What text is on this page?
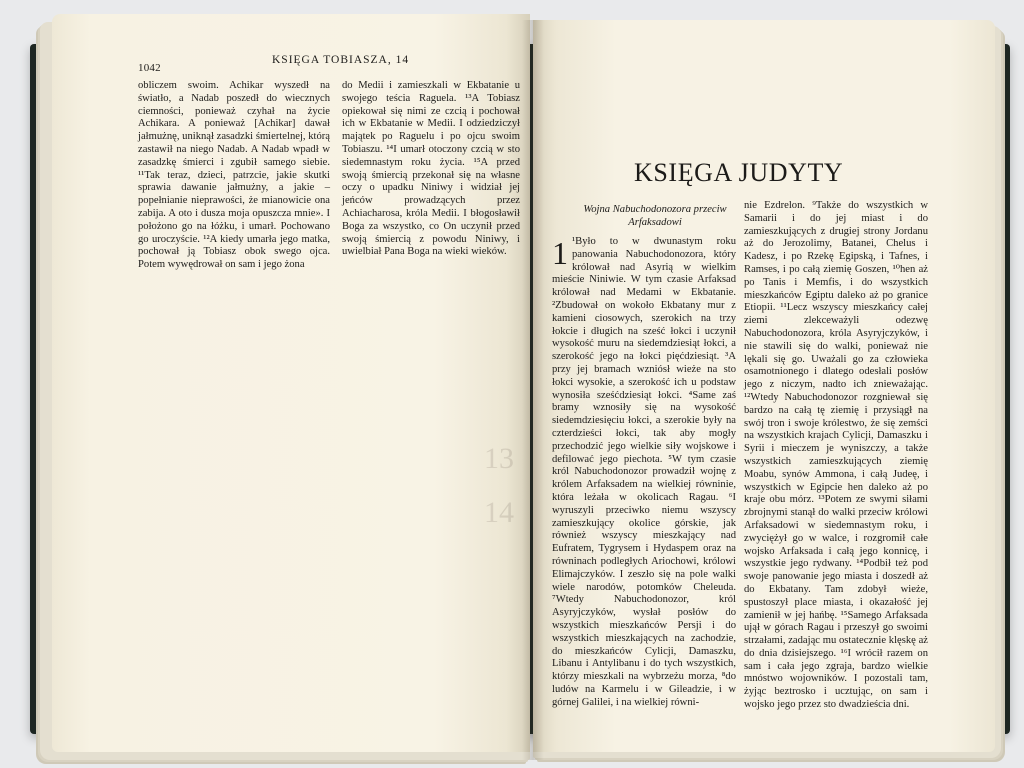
1042
KSIĘGA TOBIASZA, 14

obliczem swoim. Achikar wyszedł na światło, a Nadab poszedł do wiecznych ciemności, ponieważ czyhał na życie Achikara. A ponieważ [Achikar] dawał jałmużnę, uniknął zasadzki śmiertelnej, którą zastawił na niego Nadab. A Nadab wpadł w zasadzkę śmierci i zgubił samego siebie. ¹¹Tak teraz, dzieci, patrzcie, jakie skutki sprawia dawanie jałmużny, a jakie – popełnianie nieprawości, że mianowicie ona zabija. A oto i dusza moja opuszcza mnie». I położono go na łóżku, i umarł. Pochowano go uroczyście. ¹²A kiedy umarła jego matka, pochował ją Tobiasz obok swego ojca. Potem wywędrował on sam i jego żona

do Medii i zamieszkali w Ekbatanie u swojego teścia Raguela. ¹³A Tobiasz opiekował się nimi ze czcią i pochował ich w Ekbatanie w Medii. I odziedziczył majątek po Raguelu i po ojcu swoim Tobiaszu. ¹⁴I umarł otoczony czcią w sto siedemnastym roku życia. ¹⁵A przed swoją śmiercią przekonał się na własne oczy o upadku Niniwy i widział jej jeńców prowadzących przez Achiacharosa, króla Medii. I błogosławił Boga za wszystko, co On uczynił przed swoją śmiercią z powodu Niniwy, i uwielbiał Pana Boga na wieki wieków.

13
14
KSIĘGA JUDYTY
Wojna Nabuchodonozora przeciw Arfaksadowi
1 ¹Było to w dwunastym roku panowania Nabuchodonozora, który królował nad Asyrią w wielkim mieście Niniwie. W tym czasie Arfaksad królował nad Medami w Ekbatanie. ²Zbudował on wokoło Ekbatany mur z kamieni ciosowych, szerokich na trzy łokcie i długich na sześć łokci i uczynił wysokość muru na siedemdziesiąt łokci, a szerokość jego na łokci pięćdziesiąt. ³A przy jej bramach wzniósł wieże na sto łokci wysokie, a szerokość ich u podstaw wynosiła sześćdziesiąt łokci. ⁴Same zaś bramy wznosiły się na wysokość siedemdziesięciu łokci, a szerokie były na czterdzieści łokci, tak aby mogły przechodzić jego wielkie siły wojskowe i defilować jego piechota. ⁵W tym czasie król Nabuchodonozor prowadził wojnę z królem Arfaksadem na wielkiej równinie, która leżała w okolicach Ragau. ⁶I wyruszyli przeciwko niemu wszyscy zamieszkujący okolice górskie, jak również wszyscy mieszkający nad Eufratem, Tygrysem i Hydaspem oraz na równinach podległych Ariochowi, królowi Elimajczyków. I zeszło się na pole walki wiele narodów, potomków Cheleuda. ⁷Wtedy Nabuchodonozor, król Asyryjczyków, wysłał posłów do wszystkich mieszkańców Persji i do wszystkich mieszkających na zachodzie, do mieszkańców Cylicji, Damaszku, Libanu i Antylibanu i do tych wszystkich, którzy mieszkali na wybrzeżu morza, ⁸do ludów na Karmelu i w Gileadzie, i w górnej Galilei, i na wielkiej równi-

nie Ezdrelon. ⁹Także do wszystkich w Samarii i do jej miast i do zamieszkujących z drugiej strony Jordanu aż do Jerozolimy, Batanei, Chelus i Kadesz, i po Rzekę Egipską, i Tafnes, i Ramses, i po całą ziemię Goszen, ¹⁰hen aż po Tanis i Memfis, i do wszystkich mieszkańców Egiptu daleko aż po granice Etiopii. ¹¹Lecz wszyscy mieszkańcy całej ziemi zlekceważyli odezwę Nabuchodonozora, króla Asyryjczyków, i nie stawili się do walki, ponieważ nie lękali się go. Uważali go za człowieka osamotnionego i dlatego odesłali posłów jego z niczym, nadto ich znieważając. ¹²Wtedy Nabuchodonozor rozgniewał się bardzo na całą tę ziemię i przysiągł na swój tron i swoje królestwo, że się zemści na wszystkich krajach Cylicji, Damaszku i Syrii i mieczem je wyniszczy, a także wszystkich zamieszkujących ziemię Moabu, synów Ammona, i całą Judeę, i wszystkich w Egipcie hen daleko aż po kraje obu mórz. ¹³Potem ze swymi siłami zbrojnymi stanął do walki przeciw królowi Arfaksadowi w siedemnastym roku, i zwyciężył go w walce, i rozgromił całe wojsko Arfaksada i całą jego konnicę, i wszystkie jego rydwany. ¹⁴Podbił też pod swoje panowanie jego miasta i doszedł aż do Ekbatany. Tam zdobył wieże, spustoszył place miasta, i okazałość jej zamienił w jej hańbę. ¹⁵Samego Arfaksada ujął w górach Ragau i przeszył go swoimi strzałami, zadając mu ostatecznie klęskę aż do dnia dzisiejszego. ¹⁶I wrócił razem on sam i cała jego zgraja, bardzo wielkie mnóstwo wojowników. I pozostali tam, żyjąc beztrosko i ucztując, on sam i wojsko jego przez sto dwadzieścia dni.
